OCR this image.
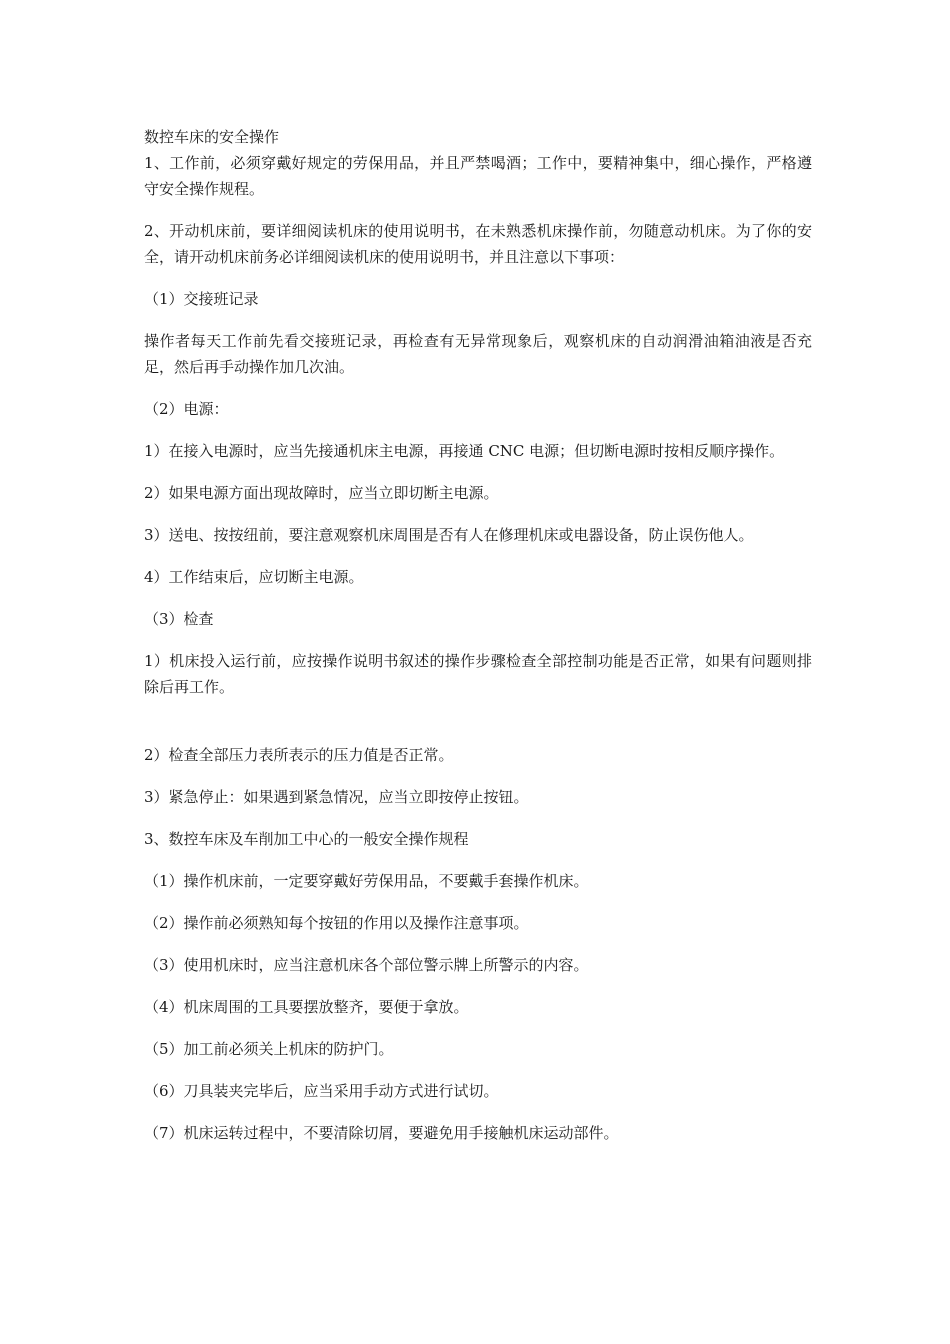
数控车床的安全操作

1、工作前，必须穿戴好规定的劳保用品，并且严禁喝酒；工作中，要精神集中，细心操作，严格遵守安全操作规程。

2、开动机床前，要详细阅读机床的使用说明书，在未熟悉机床操作前，勿随意动机床。为了你的安全，请开动机床前务必详细阅读机床的使用说明书，并且注意以下事项：

（1）交接班记录

操作者每天工作前先看交接班记录，再检查有无异常现象后，观察机床的自动润滑油箱油液是否充足，然后再手动操作加几次油。

（2）电源：

1）在接入电源时，应当先接通机床主电源，再接通 CNC 电源；但切断电源时按相反顺序操作。

2）如果电源方面出现故障时，应当立即切断主电源。

3）送电、按按纽前，要注意观察机床周围是否有人在修理机床或电器设备，防止误伤他人。

4）工作结束后，应切断主电源。

（3）检查

1）机床投入运行前，应按操作说明书叙述的操作步骤检查全部控制功能是否正常，如果有问题则排除后再工作。

2）检查全部压力表所表示的压力值是否正常。

3）紧急停止：如果遇到紧急情况，应当立即按停止按钮。

3、数控车床及车削加工中心的一般安全操作规程

（1）操作机床前，一定要穿戴好劳保用品，不要戴手套操作机床。

（2）操作前必须熟知每个按钮的作用以及操作注意事项。

（3）使用机床时，应当注意机床各个部位警示牌上所警示的内容。

（4）机床周围的工具要摆放整齐，要便于拿放。

（5）加工前必须关上机床的防护门。

（6）刀具装夹完毕后，应当采用手动方式进行试切。

（7）机床运转过程中，不要清除切屑，要避免用手接触机床运动部件。
